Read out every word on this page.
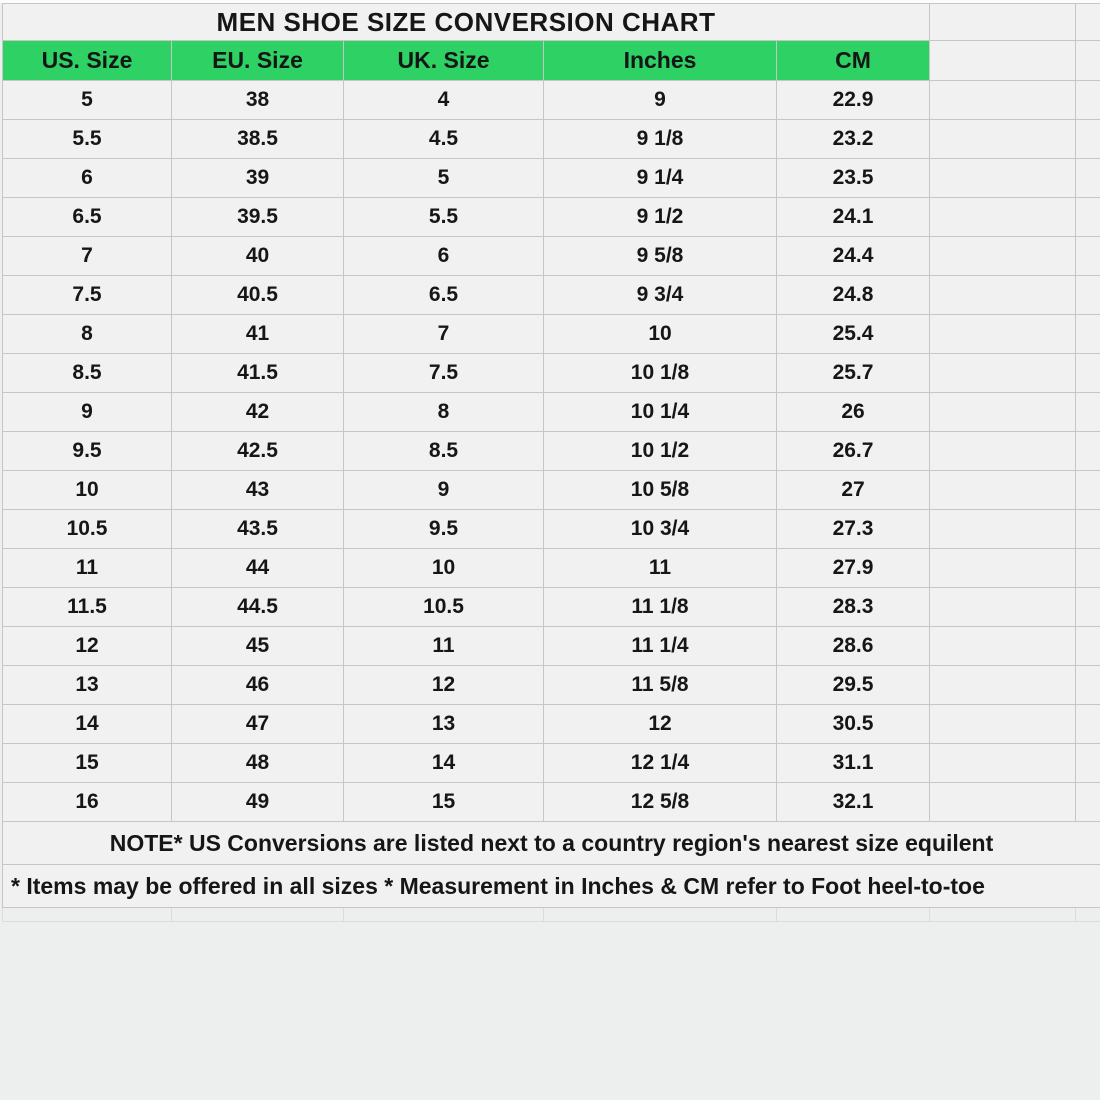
MEN SHOE SIZE CONVERSION CHART						
US. Size	EU. Size	UK. Size	Inches	CM		
5	38	4	9	22.9		
5.5	38.5	4.5	9 1/8	23.2		
6	39	5	9 1/4	23.5		
6.5	39.5	5.5	9 1/2	24.1		
7	40	6	9 5/8	24.4		
7.5	40.5	6.5	9 3/4	24.8		
8	41	7	10	25.4		
8.5	41.5	7.5	10 1/8	25.7		
9	42	8	10 1/4	26		
9.5	42.5	8.5	10 1/2	26.7		
10	43	9	10 5/8	27		
10.5	43.5	9.5	10 3/4	27.3		
11	44	10	11	27.9		
11.5	44.5	10.5	11 1/8	28.3		
12	45	11	11 1/4	28.6		
13	46	12	11 5/8	29.5		
14	47	13	12	30.5		
15	48	14	12 1/4	31.1		
16	49	15	12 5/8	32.1		
NOTE* US Conversions are listed next to a country region's nearest size equilent						
* Items may be offered in all sizes * Measurement in Inches & CM refer to Foot heel-to-toe						
